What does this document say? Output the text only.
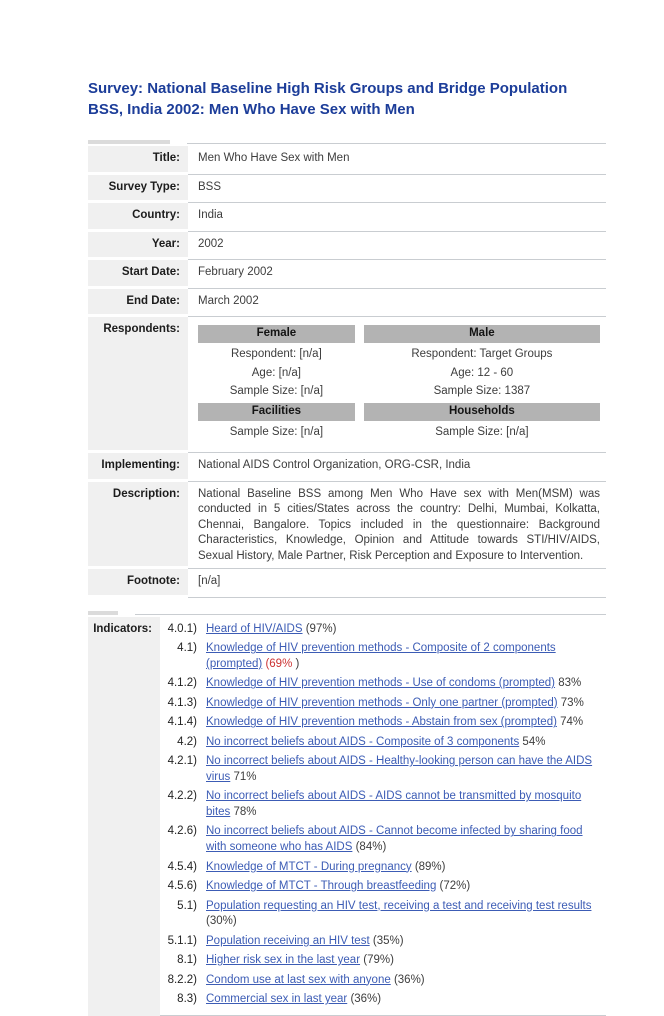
Survey: National Baseline High Risk Groups and Bridge Population
BSS, India 2002: Men Who Have Sex with Men
Title:	Men Who Have Sex with Men
Survey Type:	BSS
Country:	India
Year:	2002
Start Date:	February 2002
End Date:	March 2002
Respondents:	Female
Respondent: [n/a]
Age: [n/a]
Sample Size: [n/a]
Facilities
Sample Size: [n/a]
Male
Respondent: Target Groups
Age: 12 - 60
Sample Size: 1387
Households
Sample Size: [n/a]
Implementing:	National AIDS Control Organization, ORG-CSR, India
Description:	National Baseline BSS among Men Who Have sex with Men(MSM) was conducted in 5 cities/States across the country: Delhi, Mumbai, Kolkatta, Chennai, Bangalore. Topics included in the questionnaire: Background Characteristics, Knowledge, Opinion and Attitude towards STI/HIV/AIDS, Sexual History, Male Partner, Risk Perception and Exposure to Intervention.
Footnote:	[n/a]
Indicators:	4.0.1) Heard of HIV/AIDS (97%)
4.1) Knowledge of HIV prevention methods - Composite of 2 components (prompted) (69% )
4.1.2) Knowledge of HIV prevention methods - Use of condoms (prompted) 83%
4.1.3) Knowledge of HIV prevention methods - Only one partner (prompted) 73%
4.1.4) Knowledge of HIV prevention methods - Abstain from sex (prompted) 74%
4.2) No incorrect beliefs about AIDS - Composite of 3 components 54%
4.2.1) No incorrect beliefs about AIDS - Healthy-looking person can have the AIDS virus 71%
4.2.2) No incorrect beliefs about AIDS - AIDS cannot be transmitted by mosquito bites 78%
4.2.6) No incorrect beliefs about AIDS - Cannot become infected by sharing food with someone who has AIDS (84%)
4.5.4) Knowledge of MTCT - During pregnancy (89%)
4.5.6) Knowledge of MTCT - Through breastfeeding (72%)
5.1) Population requesting an HIV test, receiving a test and receiving test results (30%)
5.1.1) Population receiving an HIV test (35%)
8.1) Higher risk sex in the last year (79%)
8.2.2) Condom use at last sex with anyone (36%)
8.3) Commercial sex in last year (36%)
